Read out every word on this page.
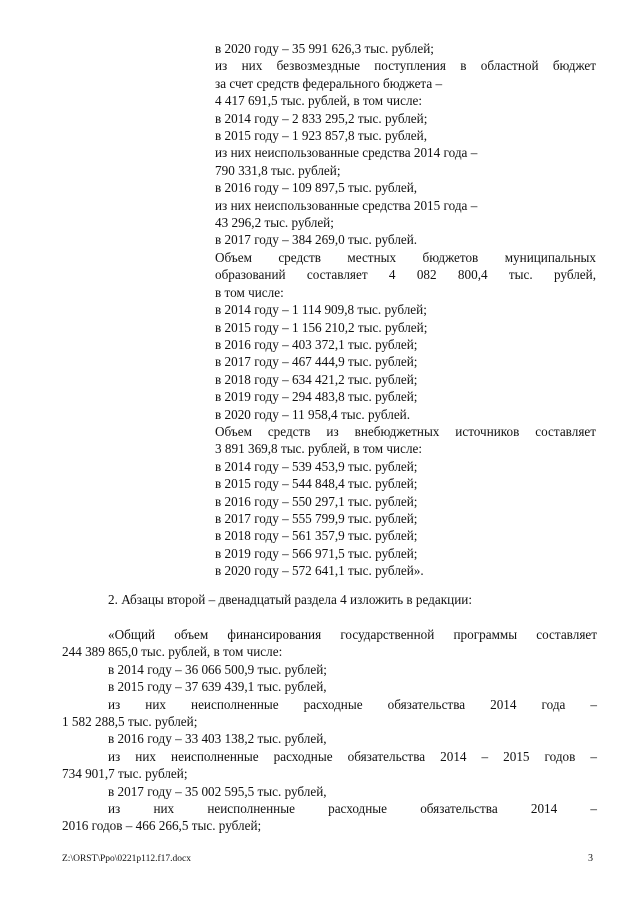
в 2020 году – 35 991 626,3 тыс. рублей;
из них безвозмездные поступления в областной бюджет
за счет средств федерального бюджета –
4 417 691,5 тыс. рублей, в том числе:
в 2014 году – 2 833 295,2 тыс. рублей;
в 2015 году – 1 923 857,8 тыс. рублей,
из них неиспользованные средства 2014 года –
790 331,8 тыс. рублей;
в 2016 году – 109 897,5 тыс. рублей,
из них неиспользованные средства 2015 года –
43 296,2 тыс. рублей;
в 2017 году – 384 269,0 тыс. рублей.
Объем средств местных бюджетов муниципальных
образований составляет 4 082 800,4 тыс. рублей,
в том числе:
в 2014 году – 1 114 909,8 тыс. рублей;
в 2015 году – 1 156 210,2 тыс. рублей;
в 2016 году – 403 372,1 тыс. рублей;
в 2017 году – 467 444,9 тыс. рублей;
в 2018 году – 634 421,2 тыс. рублей;
в 2019 году – 294 483,8 тыс. рублей;
в 2020 году – 11 958,4 тыс. рублей.
Объем средств из внебюджетных источников составляет
3 891 369,8 тыс. рублей, в том числе:
в 2014 году – 539 453,9 тыс. рублей;
в 2015 году – 544 848,4 тыс. рублей;
в 2016 году – 550 297,1 тыс. рублей;
в 2017 году – 555 799,9 тыс. рублей;
в 2018 году – 561 357,9 тыс. рублей;
в 2019 году – 566 971,5 тыс. рублей;
в 2020 году – 572 641,1 тыс. рублей».
2. Абзацы второй – двенадцатый раздела 4 изложить в редакции:
«Общий объем финансирования государственной программы составляет
244 389 865,0 тыс. рублей, в том числе:
в 2014 году – 36 066 500,9 тыс. рублей;
в 2015 году – 37 639 439,1 тыс. рублей,
из них неисполненные расходные обязательства 2014 года –
1 582 288,5 тыс. рублей;
в 2016 году – 33 403 138,2 тыс. рублей,
из них неисполненные расходные обязательства 2014 – 2015 годов –
734 901,7 тыс. рублей;
в 2017 году – 35 002 595,5 тыс. рублей,
из них неисполненные расходные обязательства 2014 –
2016 годов – 466 266,5 тыс. рублей;
Z:\ORST\Ppo\0221p112.f17.docx	3
